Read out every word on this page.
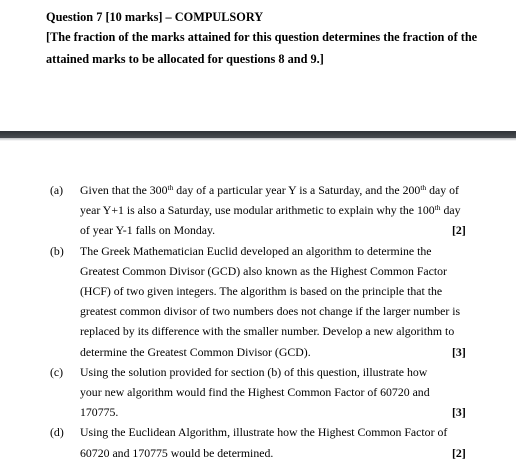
Question 7 [10 marks] – COMPULSORY
[The fraction of the marks attained for this question determines the fraction of the
attained marks to be allocated for questions 8 and 9.]
(a) Given that the 300th day of a particular year Y is a Saturday, and the 200th day of
year Y+1 is also a Saturday, use modular arithmetic to explain why the 100th day
of year Y-1 falls on Monday.	[2]
(b) The Greek Mathematician Euclid developed an algorithm to determine the
Greatest Common Divisor (GCD) also known as the Highest Common Factor
(HCF) of two given integers. The algorithm is based on the principle that the
greatest common divisor of two numbers does not change if the larger number is
replaced by its difference with the smaller number. Develop a new algorithm to
determine the Greatest Common Divisor (GCD).	[3]
(c) Using the solution provided for section (b) of this question, illustrate how
your new algorithm would find the Highest Common Factor of 60720 and
170775.	[3]
(d) Using the Euclidean Algorithm, illustrate how the Highest Common Factor of
60720 and 170775 would be determined.	[2]
